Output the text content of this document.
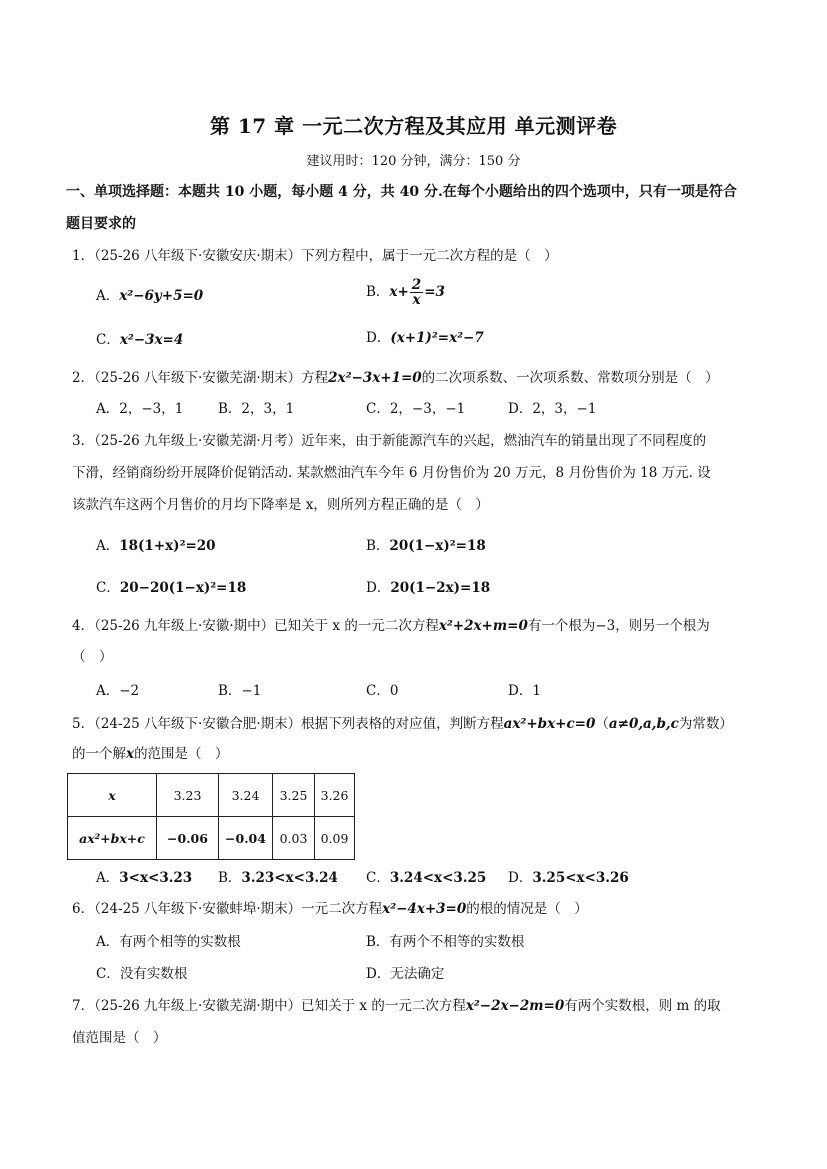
第 17 章 一元二次方程及其应用 单元测评卷
建议用时：120 分钟，满分：150 分
一、单项选择题：本题共 10 小题，每小题 4 分，共 40 分.在每个小题给出的四个选项中，只有一项是符合
题目要求的
1．（25-26 八年级下·安徽安庆·期末）下列方程中，属于一元二次方程的是（　）
A．x²−6y+5=0	B．$x+ \frac{2}{x} =3$
C．x²−3x=4	D．(x+1)²=x²−7
2．（25-26 八年级下·安徽芜湖·期末）方程2x²−3x+1=0的二次项系数、一次项系数、常数项分别是（　）
A．2，−3，1	B．2，3，1	C．2，−3，−1	D．2，3，−1
3．（25-26 九年级上·安徽芜湖·月考）近年来，由于新能源汽车的兴起，燃油汽车的销量出现了不同程度的
下滑，经销商纷纷开展降价促销活动. 某款燃油汽车今年 6 月份售价为 20 万元，8 月份售价为 18 万元. 设
该款汽车这两个月售价的月均下降率是 x，则所列方程正确的是（　）
A．18(1+x)²=20	B．20(1−x)²=18
C．20−20(1−x)²=18	D．20(1−2x)=18
4．（25-26 九年级上·安徽·期中）已知关于 x 的一元二次方程x²+2x+m=0有一个根为−3，则另一个根为
（　）
A．−2	B．−1	C．0	D．1
5．（24-25 八年级下·安徽合肥·期末）根据下列表格的对应值，判断方程ax²+bx+c=0（a≠0,a,b,c为常数）
的一个解x的范围是（　）
x	3.23	3.24	3.25	3.26
ax²+bx+c	−0.06	−0.04	0.03	0.09
A．3<x<3.23 B．3.23<x<3.24 C．3.24<x<3.25 D．3.25<x<3.26
6．（24-25 八年级下·安徽蚌埠·期末）一元二次方程x²−4x+3=0的根的情况是（　）
A．有两个相等的实数根	B．有两个不相等的实数根
C．没有实数根	D．无法确定
7．（25-26 九年级上·安徽芜湖·期中）已知关于 x 的一元二次方程x²−2x−2m=0有两个实数根，则 m 的取
值范围是（　）
